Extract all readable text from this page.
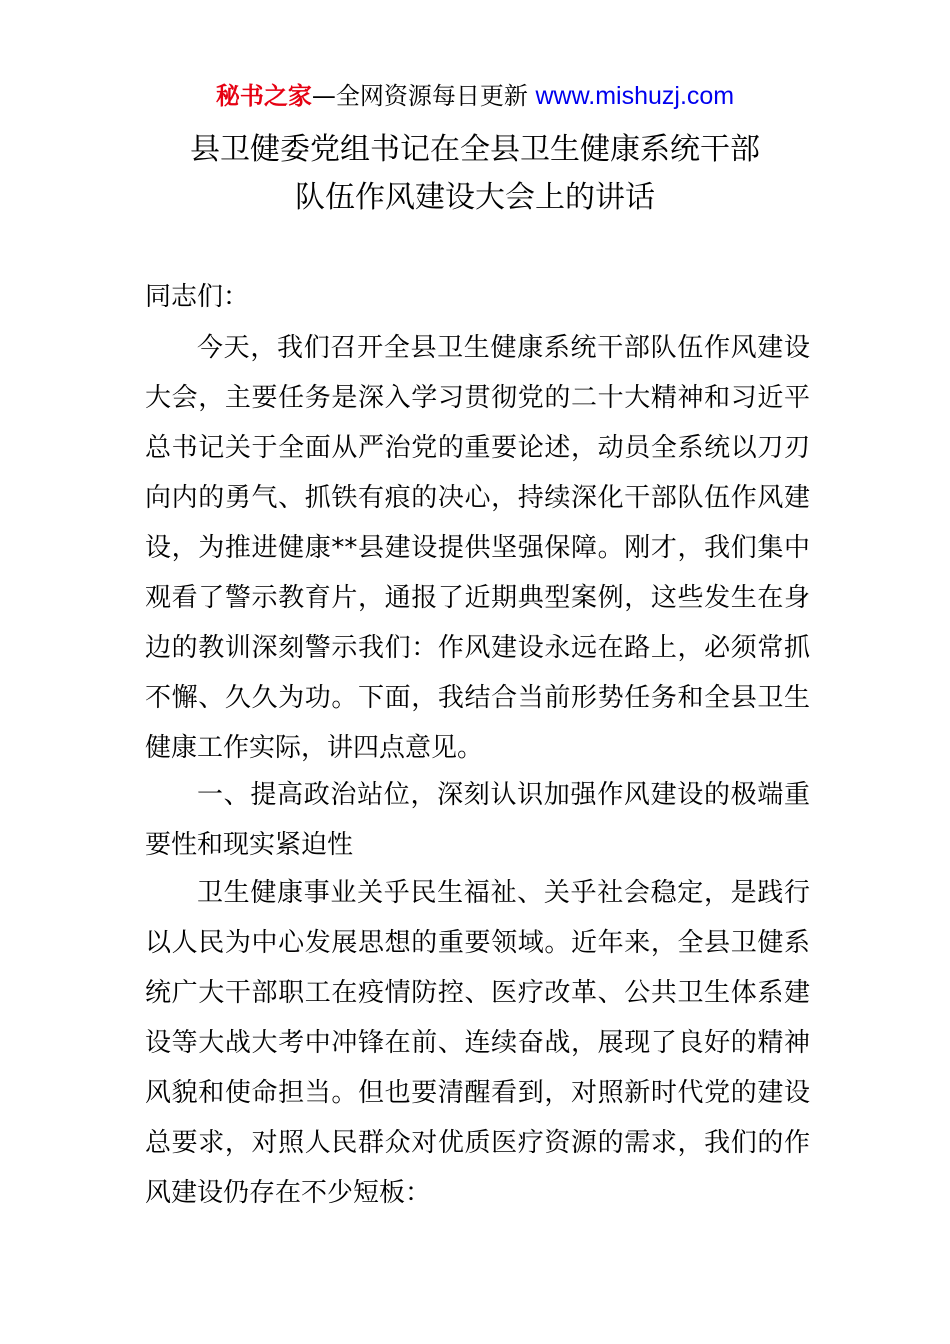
秘书之家—全网资源每日更新 www.mishuzj.com
县卫健委党组书记在全县卫生健康系统干部
队伍作风建设大会上的讲话
同志们：
今天，我们召开全县卫生健康系统干部队伍作风建设大会，主要任务是深入学习贯彻党的二十大精神和习近平总书记关于全面从严治党的重要论述，动员全系统以刀刃向内的勇气、抓铁有痕的决心，持续深化干部队伍作风建设，为推进健康**县建设提供坚强保障。刚才，我们集中观看了警示教育片，通报了近期典型案例，这些发生在身边的教训深刻警示我们：作风建设永远在路上，必须常抓不懈、久久为功。下面，我结合当前形势任务和全县卫生健康工作实际，讲四点意见。
一、提高政治站位，深刻认识加强作风建设的极端重要性和现实紧迫性
卫生健康事业关乎民生福祉、关乎社会稳定，是践行以人民为中心发展思想的重要领域。近年来，全县卫健系统广大干部职工在疫情防控、医疗改革、公共卫生体系建设等大战大考中冲锋在前、连续奋战，展现了良好的精神风貌和使命担当。但也要清醒看到，对照新时代党的建设总要求，对照人民群众对优质医疗资源的需求，我们的作风建设仍存在不少短板：
